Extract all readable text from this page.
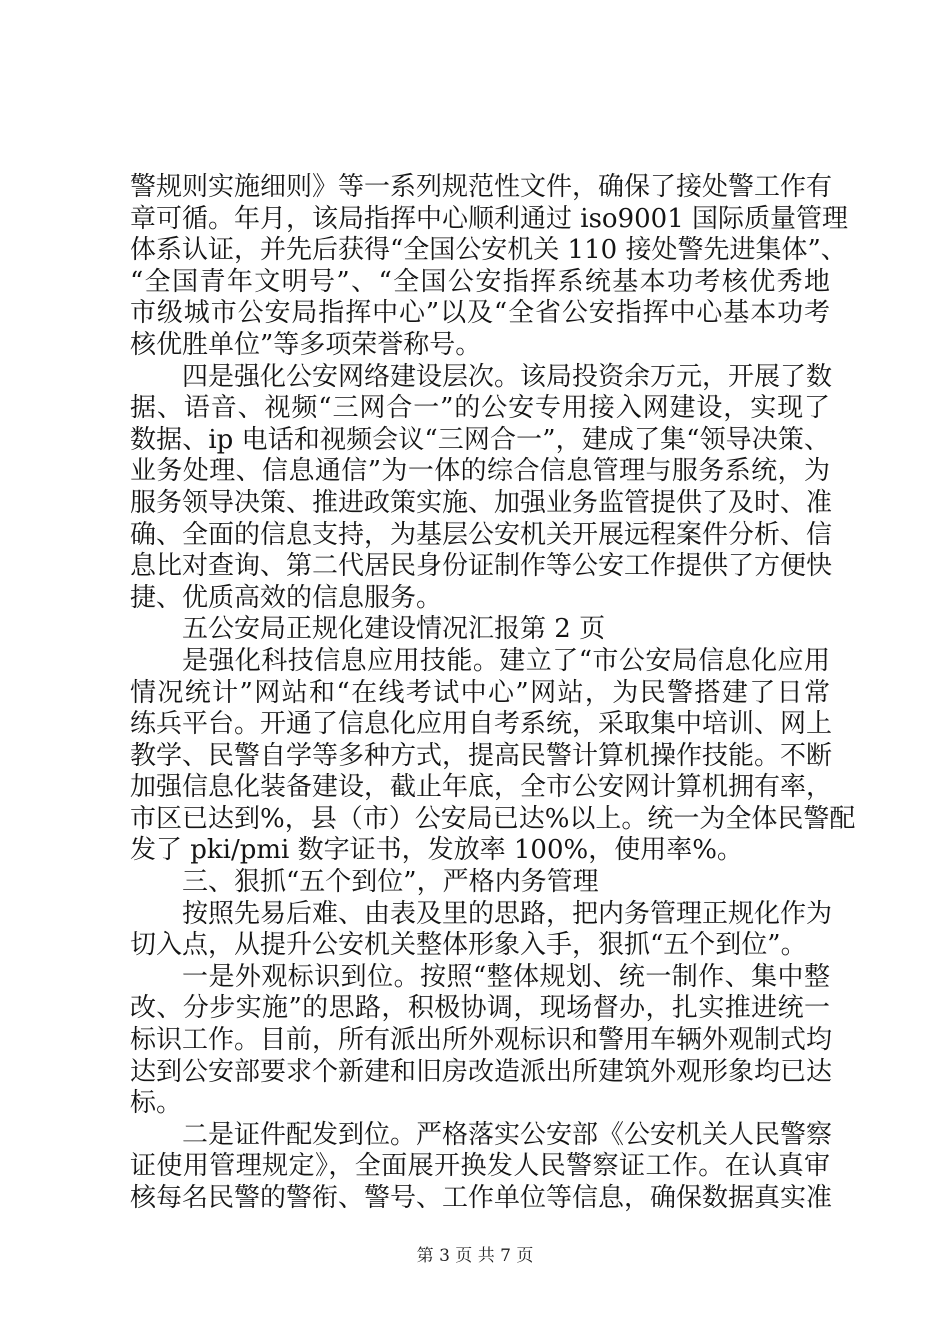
警规则实施细则》等一系列规范性文件，确保了接处警工作有
章可循。年月，该局指挥中心顺利通过 iso9001 国际质量管理
体系认证，并先后获得“全国公安机关 110 接处警先进集体”、
“全国青年文明号”、“全国公安指挥系统基本功考核优秀地
市级城市公安局指挥中心”以及“全省公安指挥中心基本功考
核优胜单位”等多项荣誉称号。
四是强化公安网络建设层次。该局投资余万元，开展了数
据、语音、视频“三网合一”的公安专用接入网建设，实现了
数据、ip 电话和视频会议“三网合一”，建成了集“领导决策、
业务处理、信息通信”为一体的综合信息管理与服务系统，为
服务领导决策、推进政策实施、加强业务监管提供了及时、准
确、全面的信息支持，为基层公安机关开展远程案件分析、信
息比对查询、第二代居民身份证制作等公安工作提供了方便快
捷、优质高效的信息服务。
五公安局正规化建设情况汇报第 2 页
是强化科技信息应用技能。建立了“市公安局信息化应用
情况统计”网站和“在线考试中心”网站，为民警搭建了日常
练兵平台。开通了信息化应用自考系统，采取集中培训、网上
教学、民警自学等多种方式，提高民警计算机操作技能。不断
加强信息化装备建设，截止年底，全市公安网计算机拥有率，
市区已达到%，县（市）公安局已达%以上。统一为全体民警配
发了 pki/pmi 数字证书，发放率 100%，使用率%。
三、狠抓“五个到位”，严格内务管理
按照先易后难、由表及里的思路，把内务管理正规化作为
切入点，从提升公安机关整体形象入手，狠抓“五个到位”。
一是外观标识到位。按照“整体规划、统一制作、集中整
改、分步实施”的思路，积极协调，现场督办，扎实推进统一
标识工作。目前，所有派出所外观标识和警用车辆外观制式均
达到公安部要求个新建和旧房改造派出所建筑外观形象均已达
标。
二是证件配发到位。严格落实公安部《公安机关人民警察
证使用管理规定》，全面展开换发人民警察证工作。在认真审
核每名民警的警衔、警号、工作单位等信息，确保数据真实准
第 3 页 共 7 页
